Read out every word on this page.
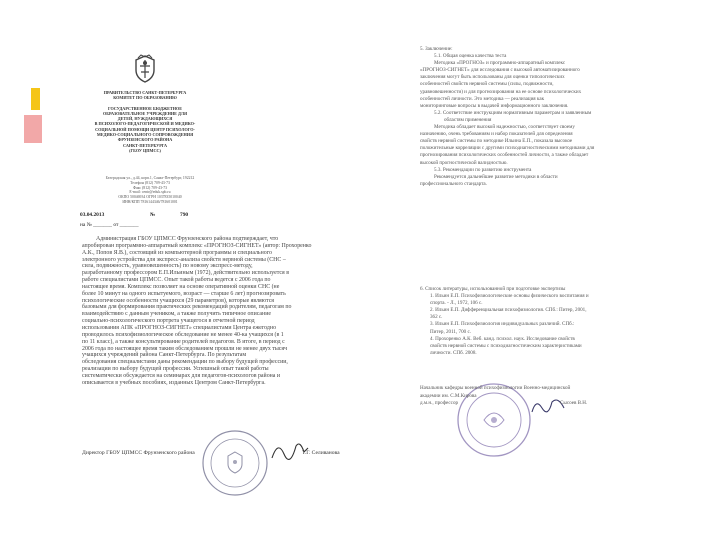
ПРАВИТЕЛЬСТВО САНКТ-ПЕТЕРБУРГА
КОМИТЕТ ПО ОБРАЗОВАНИЮ
ГОСУДАРСТВЕННОЕ БЮДЖЕТНОЕ
ОБРАЗОВАТЕЛЬНОЕ УЧРЕЖДЕНИЕ ДЛЯ
ДЕТЕЙ, НУЖДАЮЩИХСЯ
В ПСИХОЛОГО-ПЕДАГОГИЧЕСКОЙ И МЕДИКО-
СОЦИАЛЬНОЙ ПОМОЩИ ЦЕНТР ПСИХОЛОГО-
МЕДИКО-СОЦИАЛЬНОГО СОПРОВОЖДЕНИЯ
ФРУНЗЕНСКОГО РАЙОНА
САНКТ-ПЕТЕРБУРГА
(ГБОУ ЦПМСС)
Белградская ул., д.44, корп.1, Санкт-Петербург, 192212
Телефон (812) 709-43-73
Факс (812) 709-43-73
E-mail: centr@eduk.spb.ru
ОКПО 50046934 ОГРН 1037835010040
ИНН/КПП 7816144346/781601001
03.04.2013	№	790
на № _______ от _______
Администрация ГБОУ ЦПМСС Фрунзенского района подтверждает, что
апробирован программно-аппаратный комплекс «ПРОГНОЗ-СИГНЕТ» (автор: Прохоренко
А.К., Попов Я.В.), состоящий из компьютерной программы и специального
электронного устройства для экспресс-анализа свойств нервной системы (СНС –
сила, подвижность, уравновешенность) по новому экспресс-методу,
разработанному профессором Е.П.Ильиным (1972), действительно используется в
работе специалистами ЦПМСС. Опыт такой работы ведется с 2006 года по
настоящее время. Комплекс позволяет на основе оперативной оценки СНС (не
более 10 минут на одного испытуемого, возраст — старше 6 лет) прогнозировать
психологические особенности учащихся (29 параметров), которые являются
базовыми для формирования практических рекомендаций родителям, педагогам по
взаимодействию с данным учеником, а также получить типичное описание
социально-психологического портрета учащегося в отчетной период
использования АПК «ПРОГНОЗ-СИГНЕТ» специалистами Центра ежегодно
проводилось психофизиологическое обследование не менее 40-ка учащихся (в 1
по 11 класс), а также консультирование родителей педагогов. В итоге, в период с
2006 года по настоящее время таким обследованием прошли не менее двух тысяч
учащихся учреждений района Санкт-Петербурга. По результатам
обследования специалистами даны рекомендации по выбору будущей профессии,
реализации по выбору будущей профессии. Успешный опыт такой работы
систематически обсуждается на семинарах для педагогов-психологов района и
описывается в учебных пособиях, изданных Центром Санкт-Петербурга.
Директор ГБОУ ЦПМСС Фрунзенского района	Т.Г. Селиванова
5. Заключение:
5.1. Общая оценка качества теста
Методика «ПРОГНОЗ» и программно-аппаратный комплекс
«ПРОГНОЗ-СИГНЕТ» для исследования с высокой автоматизированного
заключения могут быть использованы для оценки типологических
особенностей свойств нервной системы (силы, подвижности,
уравновешенности) и для прогнозирования на ее основе психологических
особенностей личности. Это методика — реализация как
мониторинговые вопросы в выдачей информационного заключения.
5.2. Соответствие инструкциям нормативным параметрам и заявленным
областям применения
Методика обладает высокой надежностью, соответствует своему
назначению, очень требованиям и набор показателей для определения
свойств нервной системы по методике Ильина Е.П., показала высокое
положительные корреляции с другими психодиагностическими методиками для
прогнозирования психологических особенностей личности, а также обладает
высокой прогностической валидностью.
5.3. Рекомендации по развитию инструмента
Рекомендуется дальнейшее развитие методики в области
профессионального стандарта.
6. Список литературы, использованной при подготовке экспертизы
1. Ильин Е.П. Психофизиологические основы физического воспитания и
спорта. - Л., 1972, 106 с.
2. Ильин Е.П. Дифференциальная психофизиология. СПб.: Питер, 2001,
362 с.
3. Ильин Е.П. Психофизиология индивидуальных различий. СПб.:
Питер, 2011, 700 с.
4. Прохоренко А.К. Веб. канд. психол. наук. Исследование свойств
свойств нервной системы с психодиагностическим характеристиками
личности. СПб. 2008.
Начальник кафедры военной психофизиологии Военно-медицинской
академии им. С.М.Кирова
д.м.н., профессор	Сысоев В.Н.
